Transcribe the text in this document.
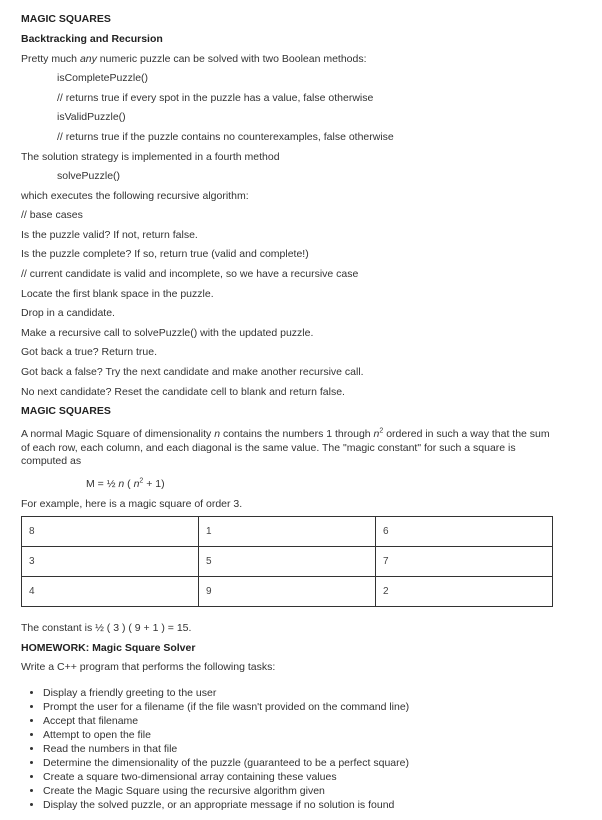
MAGIC SQUARES
Backtracking and Recursion
Pretty much any numeric puzzle can be solved with two Boolean methods:
isCompletePuzzle()
// returns true if every spot in the puzzle has a value, false otherwise
isValidPuzzle()
// returns true if the puzzle contains no counterexamples, false otherwise
The solution strategy is implemented in a fourth method
solvePuzzle()
which executes the following recursive algorithm:
// base cases
Is the puzzle valid? If not, return false.
Is the puzzle complete? If so, return true (valid and complete!)
// current candidate is valid and incomplete, so we have a recursive case
Locate the first blank space in the puzzle.
Drop in a candidate.
Make a recursive call to solvePuzzle() with the updated puzzle.
Got back a true? Return true.
Got back a false? Try the next candidate and make another recursive call.
No next candidate? Reset the candidate cell to blank and return false.
MAGIC SQUARES
A normal Magic Square of dimensionality n contains the numbers 1 through $n^2$ ordered in such a way that the sum of each row, each column, and each diagonal is the same value. The "magic constant" for such a square is computed as
M = ½ n ( $n^2 + 1$)
For example, here is a magic square of order 3.
8	1	6
3	5	7
4	9	2
The constant is ½ ( 3 ) ( 9 + 1 ) = 15.
HOMEWORK: Magic Square Solver
Write a C++ program that performs the following tasks:
• Display a friendly greeting to the user
• Prompt the user for a filename (if the file wasn't provided on the command line)
• Accept that filename
• Attempt to open the file
• Read the numbers in that file
• Determine the dimensionality of the puzzle (guaranteed to be a perfect square)
• Create a square two-dimensional array containing these values
• Create the Magic Square using the recursive algorithm given
• Display the solved puzzle, or an appropriate message if no solution is found
